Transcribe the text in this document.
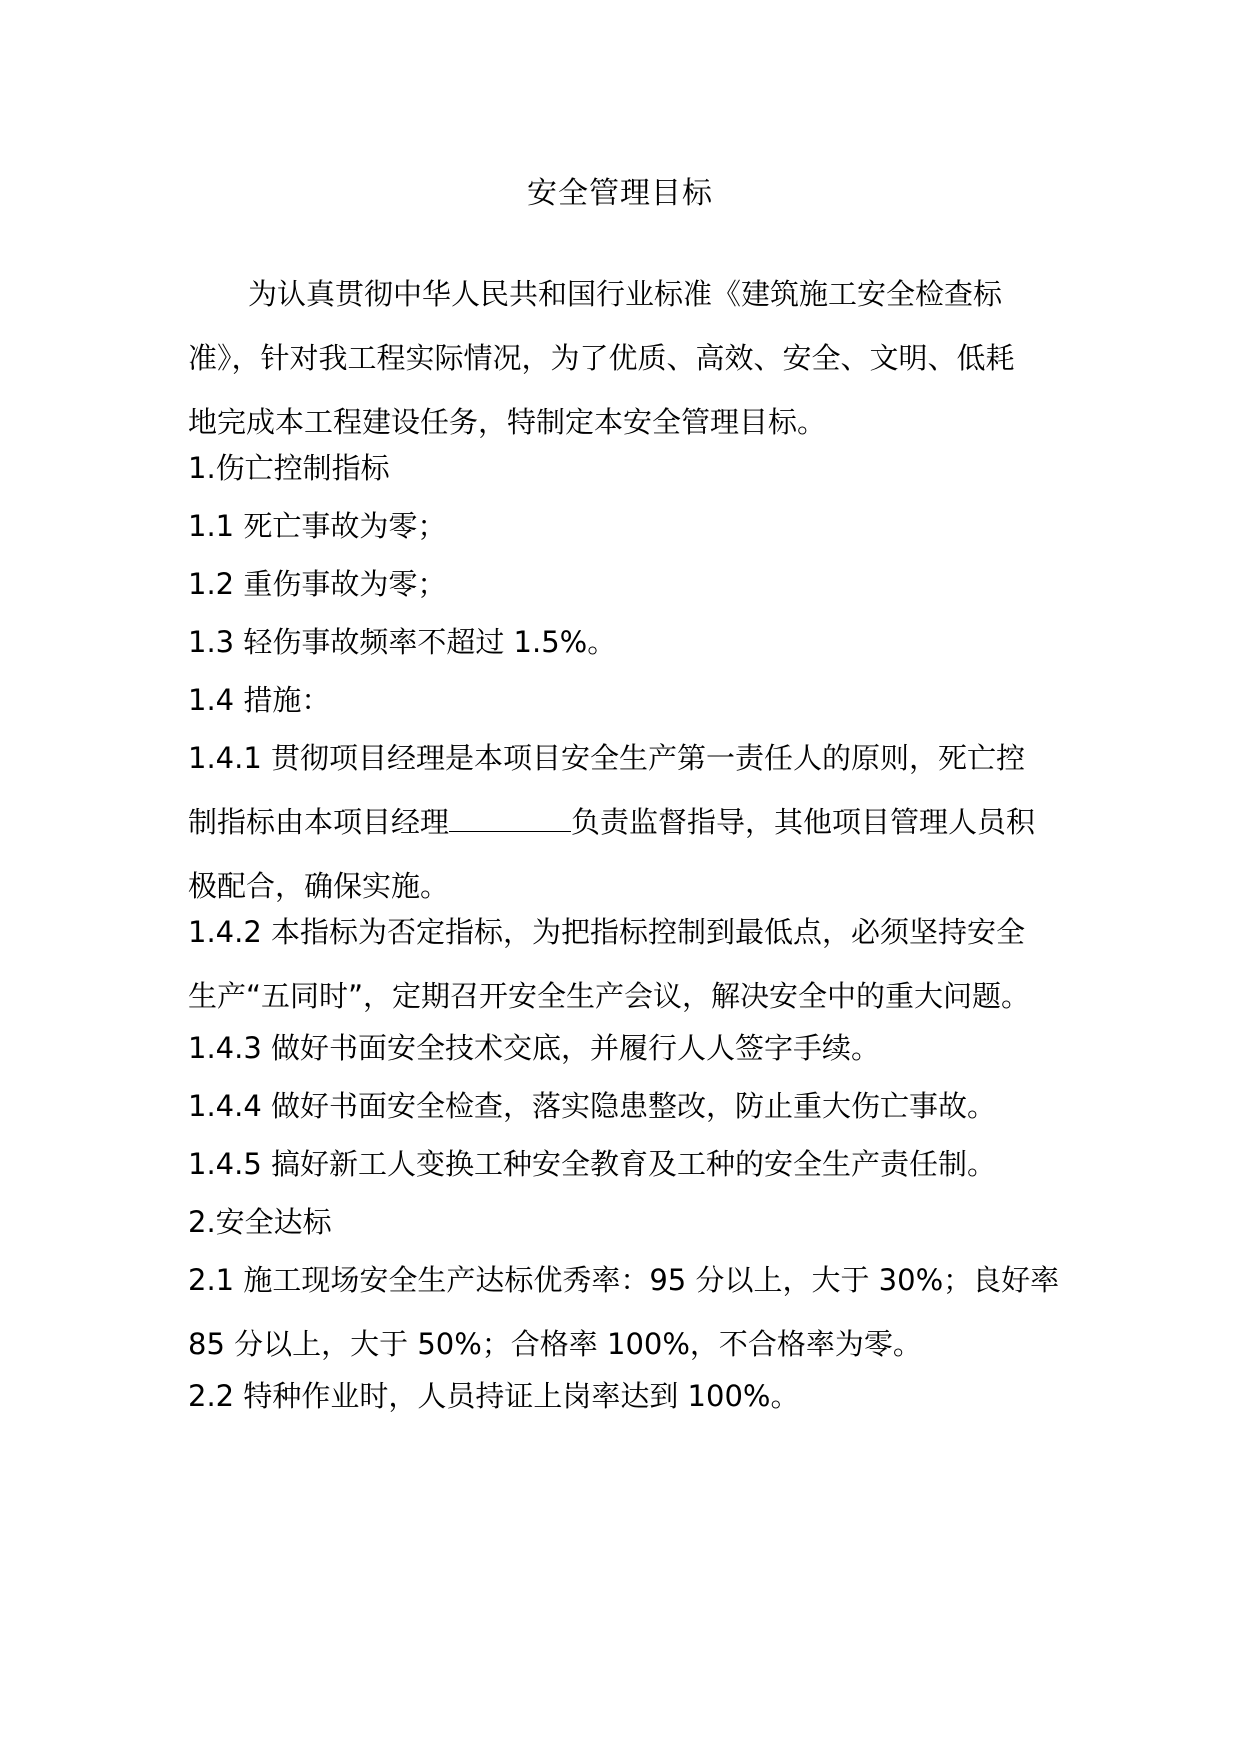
安全管理目标
为认真贯彻中华人民共和国行业标准《建筑施工安全检查标
准》，针对我工程实际情况，为了优质、高效、安全、文明、低耗
地完成本工程建设任务，特制定本安全管理目标。
1.伤亡控制指标
1.1 死亡事故为零；
1.2 重伤事故为零；
1.3 轻伤事故频率不超过 1.5%。
1.4 措施：
1.4.1 贯彻项目经理是本项目安全生产第一责任人的原则，死亡控
制指标由本项目经理	负责监督指导，其他项目管理人员积
极配合，确保实施。
1.4.2 本指标为否定指标，为把指标控制到最低点，必须坚持安全
生产“五同时”，定期召开安全生产会议，解决安全中的重大问题。
1.4.3 做好书面安全技术交底，并履行人人签字手续。
1.4.4 做好书面安全检查，落实隐患整改，防止重大伤亡事故。
1.4.5 搞好新工人变换工种安全教育及工种的安全生产责任制。
2.安全达标
2.1 施工现场安全生产达标优秀率：95 分以上，大于 30%；良好率
85 分以上，大于 50%；合格率 100%，不合格率为零。
2.2 特种作业时，人员持证上岗率达到 100%。
